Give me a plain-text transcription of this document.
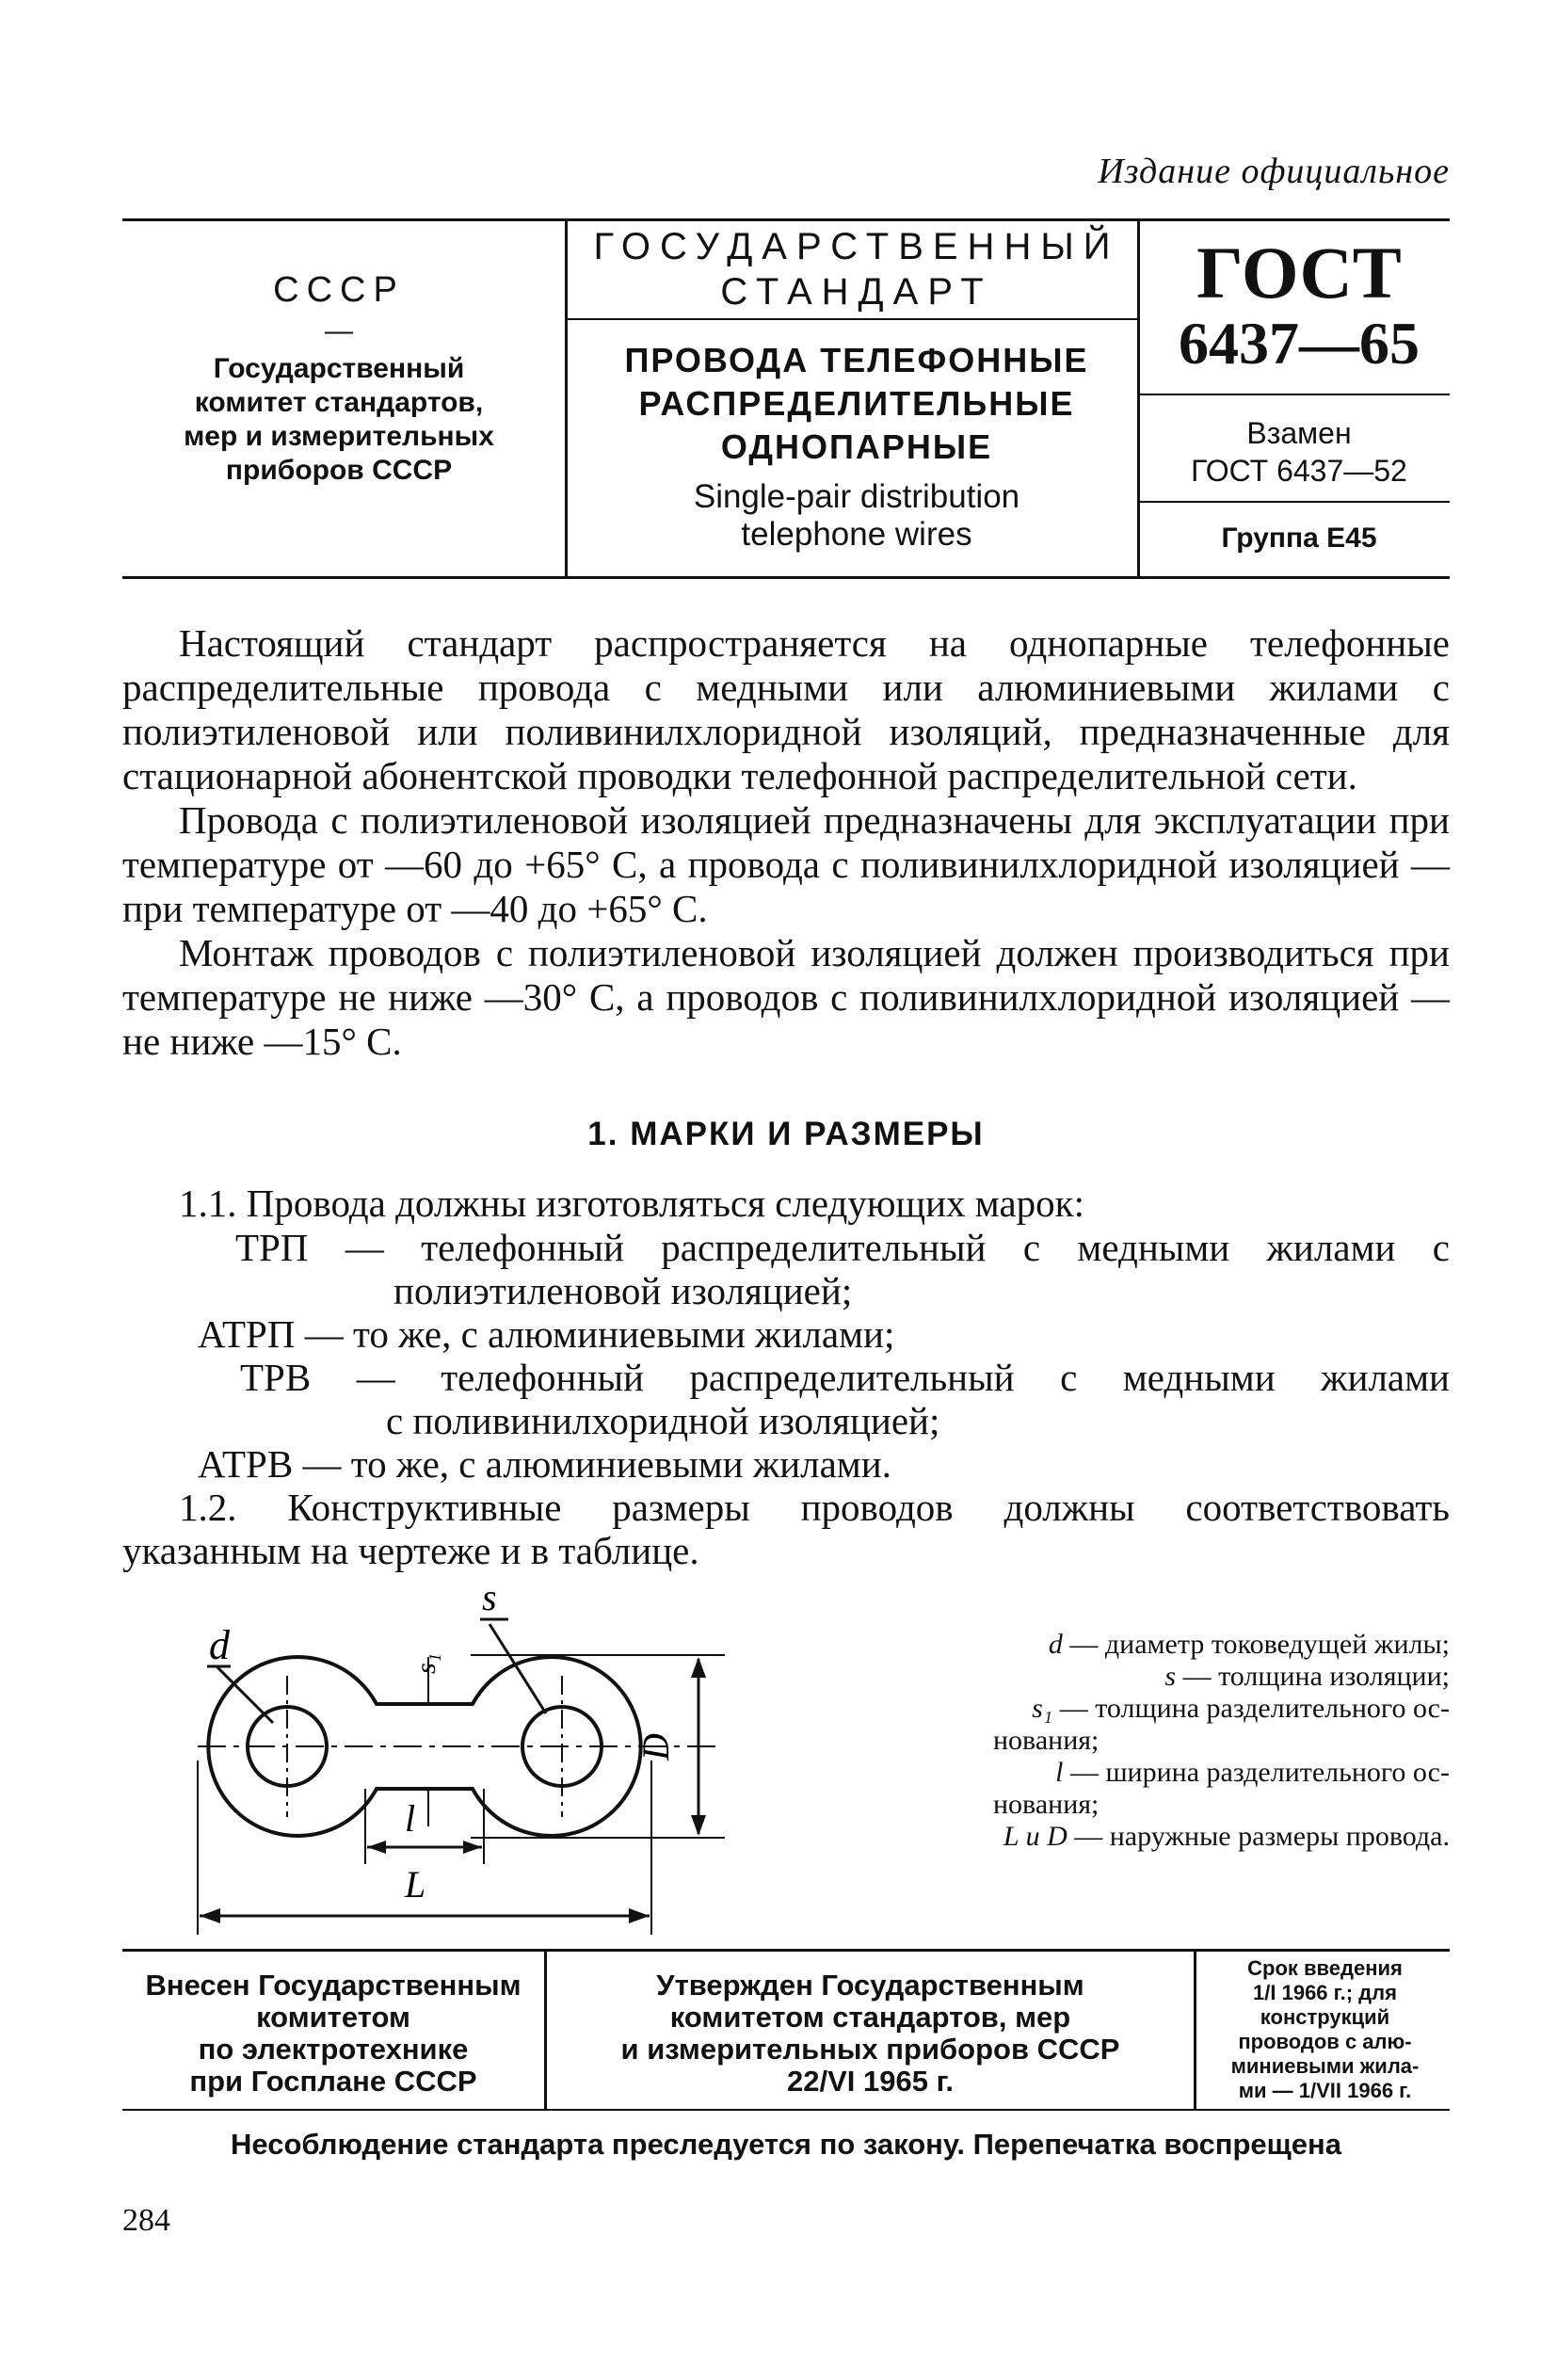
Издание официальное
СССР
—
Государственный
комитет стандартов,
мер и измерительных
приборов СССР
ГОСУДАРСТВЕННЫЙ
СТАНДАРТ
ПРОВОДА ТЕЛЕФОННЫЕ
РАСПРЕДЕЛИТЕЛЬНЫЕ
ОДНОПАРНЫЕ
Single-pair distribution
telephone wires
ГОСТ
6437—65
Взамен
ГОСТ 6437—52
Группа Е45

Настоящий стандарт распространяется на однопарные телефонные распределительные провода с медными или алюминиевыми жилами с полиэтиленовой или поливинилхлоридной изоляций, предназначенные для стационарной абонентской проводки телефонной распределительной сети.

Провода с полиэтиленовой изоляцией предназначены для эксплуатации при температуре от —60 до +65° С, а провода с поливинилхлоридной изоляцией — при температуре от —40 до +65° С.

Монтаж проводов с полиэтиленовой изоляцией должен производиться при температуре не ниже —30° С, а проводов с поливинилхлоридной изоляцией — не ниже —15° С.

1. МАРКИ И РАЗМЕРЫ
1.1. Провода должны изготовляться следующих марок:
ТРП — телефонный распределительный с медными жилами с
полиэтиленовой изоляцией;
АТРП — то же, с алюминиевыми жилами;
ТРВ — телефонный распределительный с медными жилами
с поливинилхоридной изоляцией;
АТРВ — то же, с алюминиевыми жилами.
1.2. Конструктивные размеры проводов должны соответствовать
указанным на чертеже и в таблице.
d
s
s₁
D
l
L
d — диаметр токоведущей жилы;
s — толщина изоляции;
s₁ — толщина разделительного ос-
нования;
l — ширина разделительного ос-
нования;
L и D — наружные размеры провода.
Внесен Государственным
комитетом
по электротехнике
при Госплане СССР
Утвержден Государственным
комитетом стандартов, мер
и измерительных приборов СССР
22/VI 1965 г.
Срок введения
1/I 1966 г.; для
конструкций
проводов с алю-
миниевыми жила-
ми — 1/VII 1966 г.
Несоблюдение стандарта преследуется по закону. Перепечатка воспрещена
284
